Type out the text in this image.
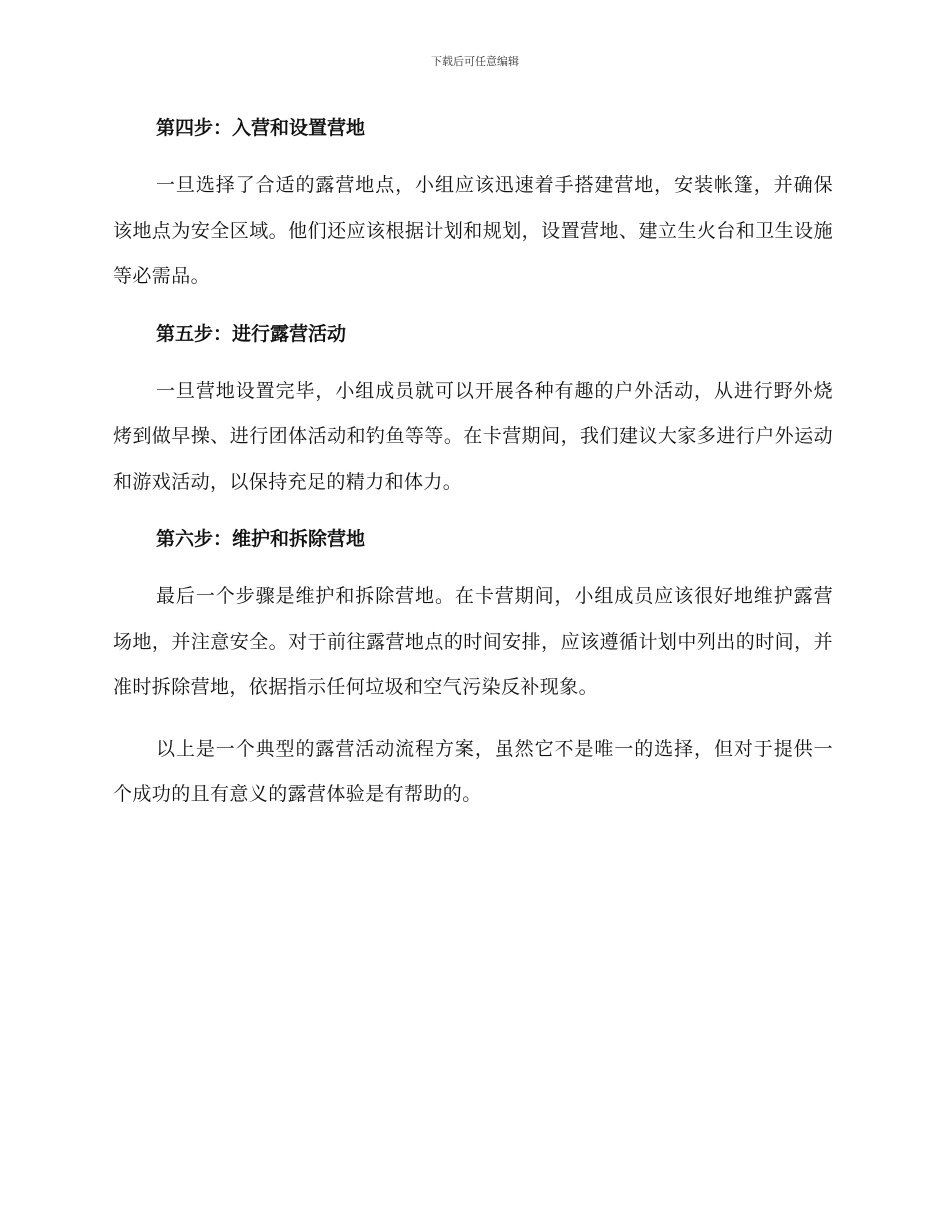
下载后可任意编辑
第四步：入营和设置营地

一旦选择了合适的露营地点，小组应该迅速着手搭建营地，安装帐篷，并确保该地点为安全区域。他们还应该根据计划和规划，设置营地、建立生火台和卫生设施等必需品。

第五步：进行露营活动

一旦营地设置完毕，小组成员就可以开展各种有趣的户外活动，从进行野外烧烤到做早操、进行团体活动和钓鱼等等。在卡营期间，我们建议大家多进行户外运动和游戏活动，以保持充足的精力和体力。

第六步：维护和拆除营地

最后一个步骤是维护和拆除营地。在卡营期间，小组成员应该很好地维护露营场地，并注意安全。对于前往露营地点的时间安排，应该遵循计划中列出的时间，并准时拆除营地，依据指示任何垃圾和空气污染反补现象。

以上是一个典型的露营活动流程方案，虽然它不是唯一的选择，但对于提供一个成功的且有意义的露营体验是有帮助的。
